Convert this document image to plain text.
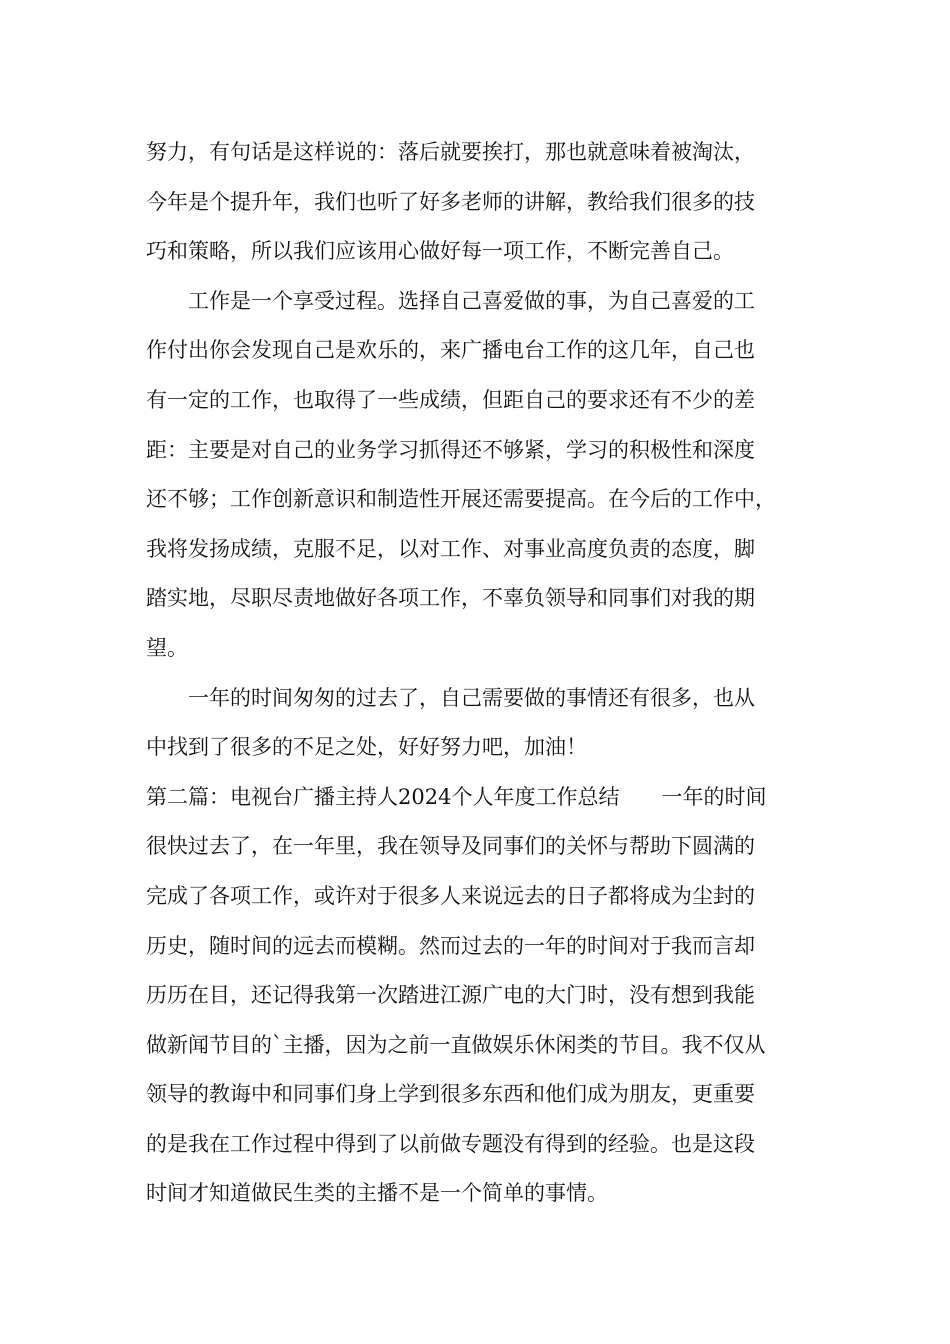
努力，有句话是这样说的：落后就要挨打，那也就意味着被淘汰，
今年是个提升年，我们也听了好多老师的讲解，教给我们很多的技
巧和策略，所以我们应该用心做好每一项工作，不断完善自己。
工作是一个享受过程。选择自己喜爱做的事，为自己喜爱的工
作付出你会发现自己是欢乐的，来广播电台工作的这几年，自己也
有一定的工作，也取得了一些成绩，但距自己的要求还有不少的差
距：主要是对自己的业务学习抓得还不够紧，学习的积极性和深度
还不够；工作创新意识和制造性开展还需要提高。在今后的工作中，
我将发扬成绩，克服不足，以对工作、对事业高度负责的态度，脚
踏实地，尽职尽责地做好各项工作，不辜负领导和同事们对我的期
望。
一年的时间匆匆的过去了，自己需要做的事情还有很多，也从
中找到了很多的不足之处，好好努力吧，加油！
第二篇：电视台广播主持人2024个人年度工作总结　　一年的时间
很快过去了，在一年里，我在领导及同事们的关怀与帮助下圆满的
完成了各项工作，或许对于很多人来说远去的日子都将成为尘封的
历史，随时间的远去而模糊。然而过去的一年的时间对于我而言却
历历在目，还记得我第一次踏进江源广电的大门时，没有想到我能
做新闻节目的`主播，因为之前一直做娱乐休闲类的节目。我不仅从
领导的教诲中和同事们身上学到很多东西和他们成为朋友，更重要
的是我在工作过程中得到了以前做专题没有得到的经验。也是这段
时间才知道做民生类的主播不是一个简单的事情。
